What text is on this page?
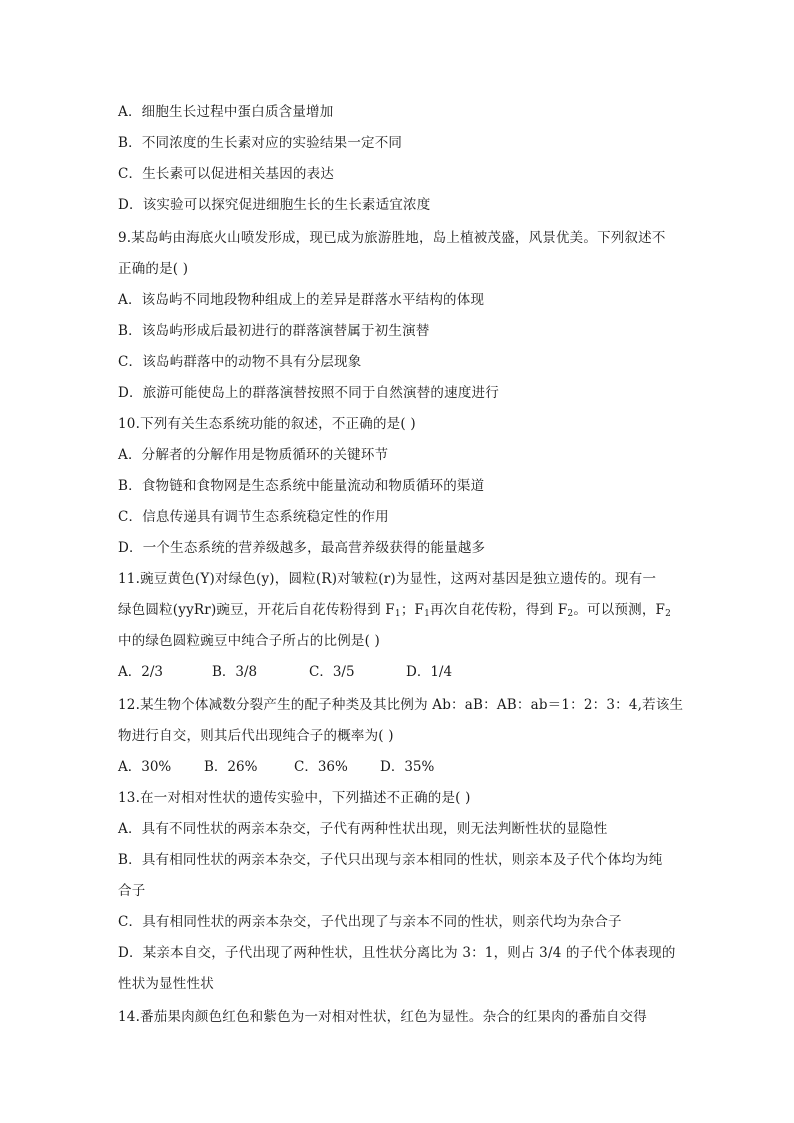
A．细胞生长过程中蛋白质含量增加
B．不同浓度的生长素对应的实验结果一定不同
C．生长素可以促进相关基因的表达
D．该实验可以探究促进细胞生长的生长素适宜浓度
9.某岛屿由海底火山喷发形成，现已成为旅游胜地，岛上植被茂盛，风景优美。下列叙述不
正确的是( )
A．该岛屿不同地段物种组成上的差异是群落水平结构的体现
B．该岛屿形成后最初进行的群落演替属于初生演替
C．该岛屿群落中的动物不具有分层现象
D．旅游可能使岛上的群落演替按照不同于自然演替的速度进行
10.下列有关生态系统功能的叙述，不正确的是( )
A．分解者的分解作用是物质循环的关键环节
B．食物链和食物网是生态系统中能量流动和物质循环的渠道
C．信息传递具有调节生态系统稳定性的作用
D．一个生态系统的营养级越多，最高营养级获得的能量越多
11.豌豆黄色(Y)对绿色(y)，圆粒(R)对皱粒(r)为显性，这两对基因是独立遗传的。现有一
绿色圆粒(yyRr)豌豆，开花后自花传粉得到 $F_1$；$F_1$再次自花传粉，得到 $F_2$。可以预测，$F_2$
中的绿色圆粒豌豆中纯合子所占的比例是( )
A．2/3	B．3/8	C．3/5	D．1/4
12.某生物个体减数分裂产生的配子种类及其比例为 Ab：aB：AB：ab＝1：2：3：4,若该生
物进行自交，则其后代出现纯合子的概率为( )
A．30% B．26%	C．36% D．35%
13.在一对相对性状的遗传实验中，下列描述不正确的是( )
A．具有不同性状的两亲本杂交，子代有两种性状出现，则无法判断性状的显隐性
B．具有相同性状的两亲本杂交，子代只出现与亲本相同的性状，则亲本及子代个体均为纯
合子
C．具有相同性状的两亲本杂交，子代出现了与亲本不同的性状，则亲代均为杂合子
D．某亲本自交，子代出现了两种性状，且性状分离比为 3：1，则占 3/4 的子代个体表现的
性状为显性性状
14.番茄果肉颜色红色和紫色为一对相对性状，红色为显性。杂合的红果肉的番茄自交得
